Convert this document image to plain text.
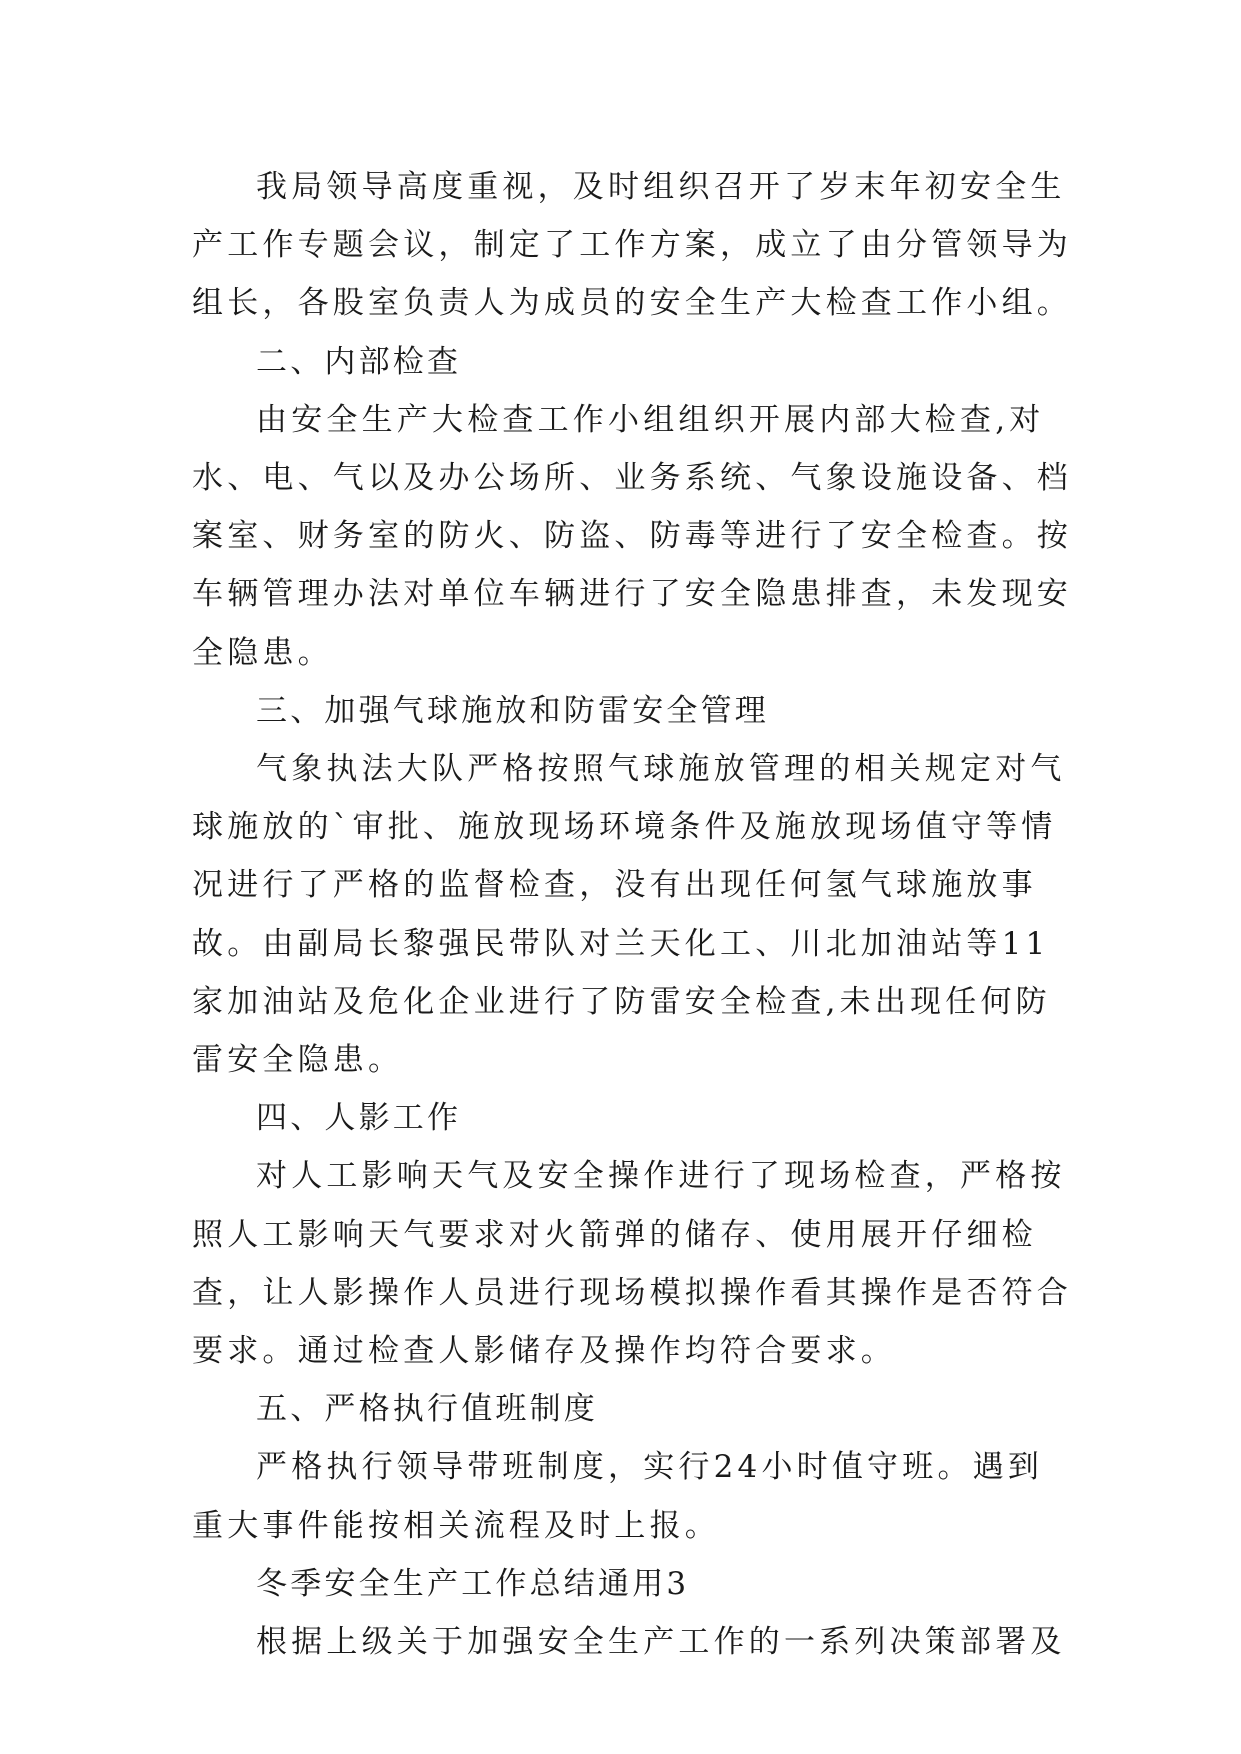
我局领导高度重视，及时组织召开了岁末年初安全生产工作专题会议，制定了工作方案，成立了由分管领导为组长，各股室负责人为成员的安全生产大检查工作小组。

二、内部检查

由安全生产大检查工作小组组织开展内部大检查,对水、电、气以及办公场所、业务系统、气象设施设备、档案室、财务室的防火、防盗、防毒等进行了安全检查。按车辆管理办法对单位车辆进行了安全隐患排查，未发现安全隐患。

三、加强气球施放和防雷安全管理

气象执法大队严格按照气球施放管理的相关规定对气球施放的`审批、施放现场环境条件及施放现场值守等情况进行了严格的监督检查，没有出现任何氢气球施放事故。由副局长黎强民带队对兰天化工、川北加油站等11家加油站及危化企业进行了防雷安全检查,未出现任何防雷安全隐患。

四、人影工作

对人工影响天气及安全操作进行了现场检查，严格按照人工影响天气要求对火箭弹的储存、使用展开仔细检查，让人影操作人员进行现场模拟操作看其操作是否符合要求。通过检查人影储存及操作均符合要求。

五、严格执行值班制度

严格执行领导带班制度，实行24小时值守班。遇到重大事件能按相关流程及时上报。

冬季安全生产工作总结通用3

根据上级关于加强安全生产工作的一系列决策部署及
